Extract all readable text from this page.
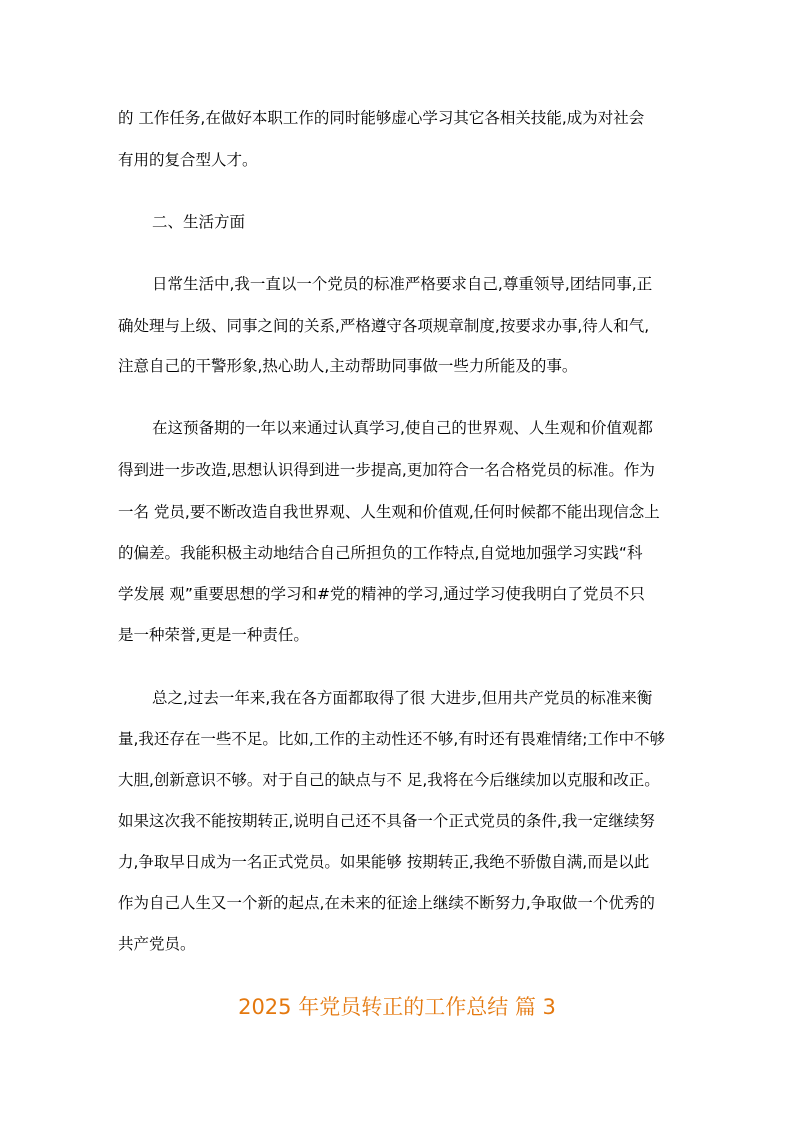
的 工作任务,在做好本职工作的同时能够虚心学习其它各相关技能,成为对社会
有用的复合型人才。
二、生活方面
日常生活中,我一直以一个党员的标准严格要求自己,尊重领导,团结同事,正
确处理与上级、同事之间的关系,严格遵守各项规章制度,按要求办事,待人和气,
注意自己的干警形象,热心助人,主动帮助同事做一些力所能及的事。
在这预备期的一年以来通过认真学习,使自己的世界观、人生观和价值观都
得到进一步改造,思想认识得到进一步提高,更加符合一名合格党员的标准。作为
一名 党员,要不断改造自我世界观、人生观和价值观,任何时候都不能出现信念上
的偏差。我能积极主动地结合自己所担负的工作特点,自觉地加强学习实践“科
学发展 观”重要思想的学习和#党的精神的学习,通过学习使我明白了党员不只
是一种荣誉,更是一种责任。
总之,过去一年来,我在各方面都取得了很 大进步,但用共产党员的标准来衡
量,我还存在一些不足。比如,工作的主动性还不够,有时还有畏难情绪;工作中不够
大胆,创新意识不够。对于自己的缺点与不 足,我将在今后继续加以克服和改正。
如果这次我不能按期转正,说明自己还不具备一个正式党员的条件,我一定继续努
力,争取早日成为一名正式党员。如果能够 按期转正,我绝不骄傲自满,而是以此
作为自己人生又一个新的起点,在未来的征途上继续不断努力,争取做一个优秀的
共产党员。
2025 年党员转正的工作总结 篇 3
